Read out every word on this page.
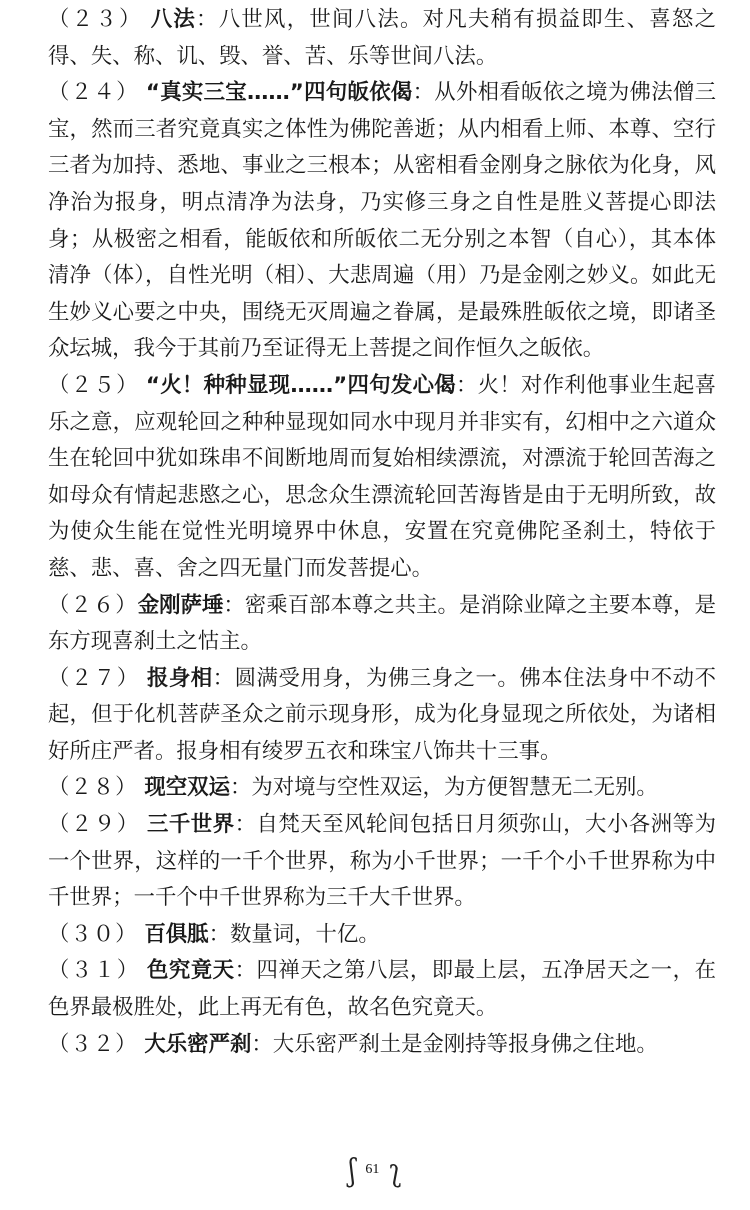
（２３） 八法：八世风，世间八法。对凡夫稍有损益即生、喜怒之得、失、称、讥、毁、誉、苦、乐等世间八法。

（２４） “真实三宝……”四句皈依偈：从外相看皈依之境为佛法僧三宝，然而三者究竟真实之体性为佛陀善逝；从内相看上师、本尊、空行三者为加持、悉地、事业之三根本；从密相看金刚身之脉依为化身，风净治为报身，明点清净为法身，乃实修三身之自性是胜义菩提心即法身；从极密之相看，能皈依和所皈依二无分别之本智（自心），其本体清净（体），自性光明（相）、大悲周遍（用）乃是金刚之妙义。如此无生妙义心要之中央，围绕无灭周遍之眷属，是最殊胜皈依之境，即诸圣众坛城，我今于其前乃至证得无上菩提之间作恒久之皈依。

（２５） “火！种种显现……”四句发心偈：火！对作利他事业生起喜乐之意，应观轮回之种种显现如同水中现月并非实有，幻相中之六道众生在轮回中犹如珠串不间断地周而复始相续漂流，对漂流于轮回苦海之如母众有情起悲愍之心，思念众生漂流轮回苦海皆是由于无明所致，故为使众生能在觉性光明境界中休息，安置在究竟佛陀圣刹土，特依于慈、悲、喜、舍之四无量门而发菩提心。

（２６）金刚萨埵：密乘百部本尊之共主。是消除业障之主要本尊，是东方现喜刹土之怙主。

（２７） 报身相：圆满受用身，为佛三身之一。佛本住法身中不动不起，但于化机菩萨圣众之前示现身形，成为化身显现之所依处，为诸相好所庄严者。报身相有绫罗五衣和珠宝八饰共十三事。

（２８） 现空双运：为对境与空性双运，为方便智慧无二无别。

（２９） 三千世界：自梵天至风轮间包括日月须弥山，大小各洲等为一个世界，这样的一千个世界，称为小千世界；一千个小千世界称为中千世界；一千个中千世界称为三千大千世界。

（３０） 百俱胝：数量词，十亿。

（３１） 色究竟天：四禅天之第八层，即最上层，五净居天之一，在色界最极胜处，此上再无有色，故名色究竟天。

（３２） 大乐密严刹：大乐密严刹土是金刚持等报身佛之住地。

ʃ 61 ʅ
